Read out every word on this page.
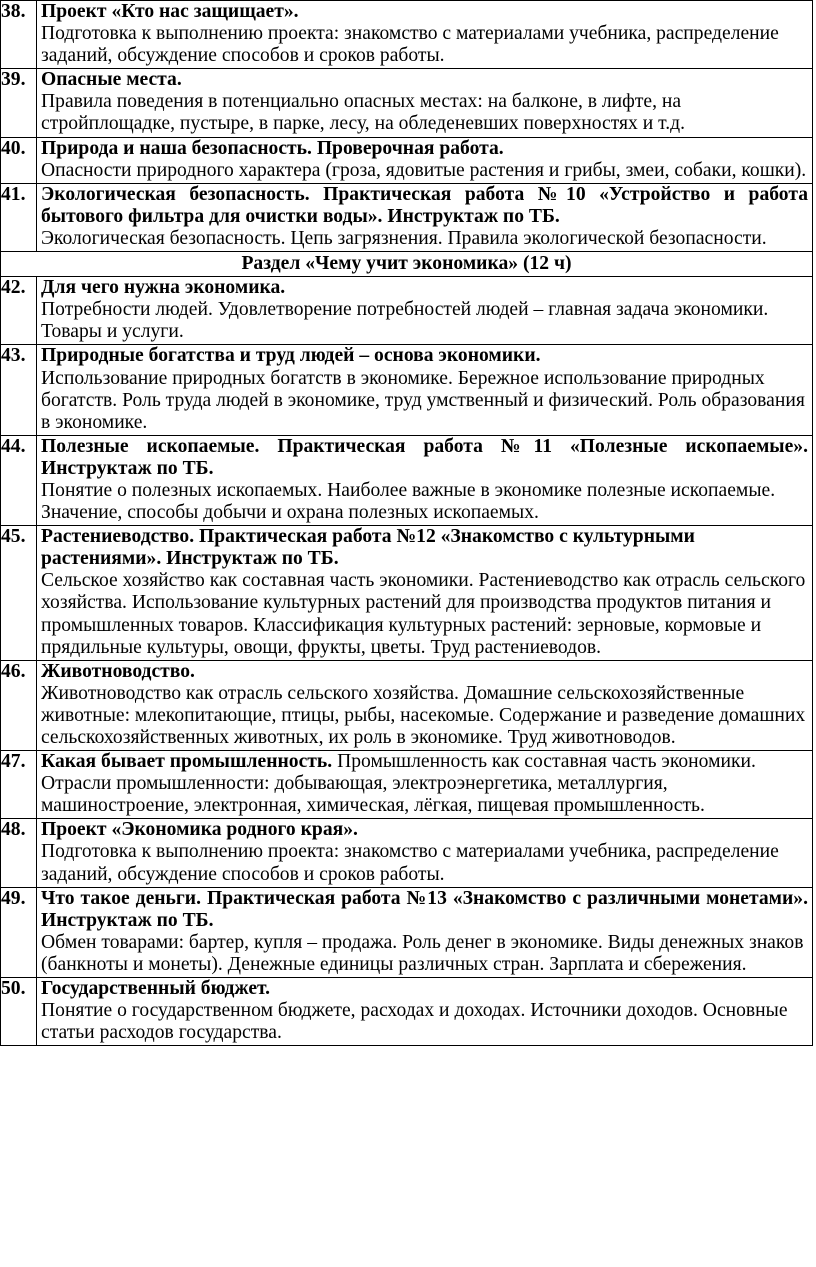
38.	Проект «Кто нас защищает».
Подготовка к выполнению проекта: знакомство с материалами учебника, распределение заданий, обсуждение способов и сроков работы.

39.	Опасные места.
Правила поведения в потенциально опасных местах: на балконе, в лифте, на стройплощадке, пустыре, в парке, лесу, на обледеневших поверхностях и т.д.

40.	Природа и наша безопасность. Проверочная работа.
Опасности природного характера (гроза, ядовитые растения и грибы, змеи, собаки, кошки).

41.	Экологическая безопасность. Практическая работа №10 «Устройство и работа бытового фильтра для очистки воды». Инструктаж по ТБ.
Экологическая безопасность. Цепь загрязнения. Правила экологической безопасности.

Раздел «Чему учит экономика» (12 ч)	
42.	Для чего нужна экономика.
Потребности людей. Удовлетворение потребностей людей – главная задача экономики. Товары и услуги.

43.	Природные богатства и труд людей – основа экономики.
Использование природных богатств в экономике. Бережное использование природных богатств. Роль труда людей в экономике, труд умственный и физический. Роль образования в экономике.

44.	Полезные ископаемые. Практическая работа №11 «Полезные ископаемые». Инструктаж по ТБ.
Понятие о полезных ископаемых. Наиболее важные в экономике полезные ископаемые. Значение, способы добычи и охрана полезных ископаемых.

45.	Растениеводство. Практическая работа №12 «Знакомство с культурными растениями». Инструктаж по ТБ.
Сельское хозяйство как составная часть экономики. Растениеводство как отрасль сельского хозяйства. Использование культурных растений для производства продуктов питания и промышленных товаров. Классификация культурных растений: зерновые, кормовые и прядильные культуры, овощи, фрукты, цветы. Труд растениеводов.

46.	Животноводство.
Животноводство как отрасль сельского хозяйства. Домашние сельскохозяйственные животные: млекопитающие, птицы, рыбы, насекомые. Содержание и разведение домашних сельскохозяйственных животных, их роль в экономике. Труд животноводов.

47.	Какая бывает промышленность. Промышленность как составная часть экономики. Отрасли промышленности: добывающая, электроэнергетика, металлургия, машиностроение, электронная, химическая, лёгкая, пищевая промышленность.
48.	Проект «Экономика родного края».
Подготовка к выполнению проекта: знакомство с материалами учебника, распределение заданий, обсуждение способов и сроков работы.

49.	Что такое деньги. Практическая работа №13 «Знакомство с различными монетами». Инструктаж по ТБ.
Обмен товарами: бартер, купля – продажа. Роль денег в экономике. Виды денежных знаков (банкноты и монеты). Денежные единицы различных стран. Зарплата и сбережения.

50.	Государственный бюджет.
Понятие о государственном бюджете, расходах и доходах. Источники доходов. Основные статьи расходов государства.
